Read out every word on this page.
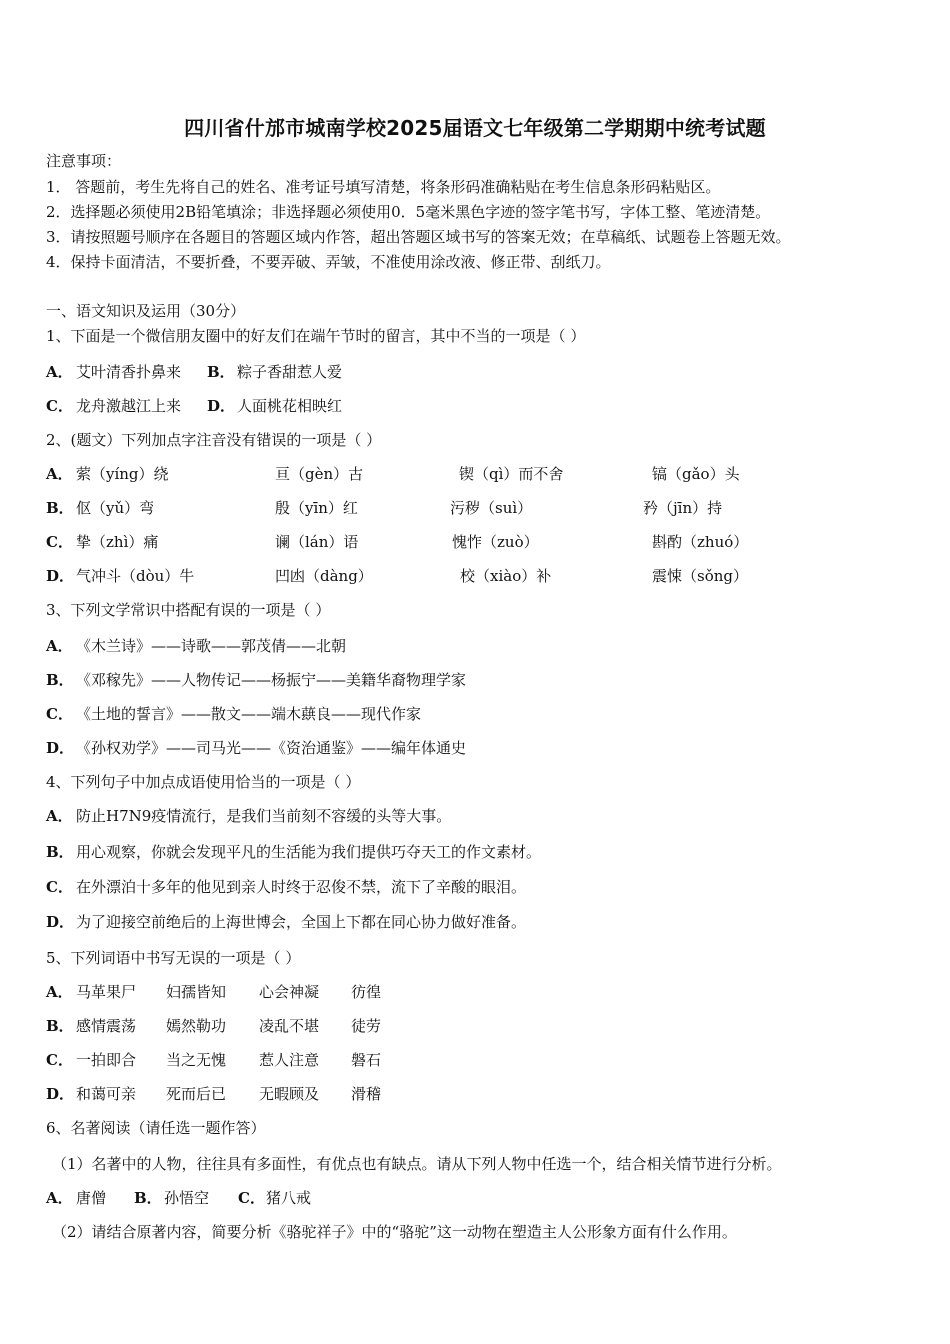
四川省什邡市城南学校2025届语文七年级第二学期期中统考试题
注意事项：
1． 答题前，考生先将自己的姓名、准考证号填写清楚，将条形码准确粘贴在考生信息条形码粘贴区。
2．选择题必须使用2B铅笔填涂；非选择题必须使用0．5毫米黑色字迹的签字笔书写，字体工整、笔迹清楚。
3．请按照题号顺序在各题目的答题区域内作答，超出答题区域书写的答案无效；在草稿纸、试题卷上答题无效。
4．保持卡面清洁，不要折叠，不要弄破、弄皱，不准使用涂改液、修正带、刮纸刀。
一、语文知识及运用（30分）
1、下面是一个微信朋友圈中的好友们在端午节时的留言，其中不当的一项是（ ）
A． 艾叶清香扑鼻来 B． 粽子香甜惹人爱
C． 龙舟激越江上来 D． 人面桃花相映红
2、(题文）下列加点字注音没有错误的一项是（ ）
A． 萦（yíng）绕	亘（gèn）古	锲（qì）而不舍	镐（gǎo）头
B． 伛（yǔ）弯	殷（yīn）红	污秽（suì）	矜（jīn）持
C． 挚（zhì）痛	谰（lán）语	愧怍（zuò）	斟酌（zhuó）
D． 气冲斗（dòu）牛	凹凼（dàng）	校（xiào）补	震悚（sǒng）
3、下列文学常识中搭配有误的一项是（ ）
A． 《木兰诗》——诗歌——郭茂倩——北朝
B． 《邓稼先》——人物传记——杨振宁——美籍华裔物理学家
C． 《土地的誓言》——散文——端木蕻良——现代作家
D． 《孙权劝学》——司马光——《资治通鉴》——编年体通史
4、下列句子中加点成语使用恰当的一项是（ ）
A． 防止H7N9疫情流行，是我们当前刻不容缓的头等大事。
B． 用心观察，你就会发现平凡的生活能为我们提供巧夺天工的作文素材。
C． 在外漂泊十多年的他见到亲人时终于忍俊不禁，流下了辛酸的眼泪。
D． 为了迎接空前绝后的上海世博会，全国上下都在同心协力做好准备。
5、下列词语中书写无误的一项是（ ）
A． 马革果尸 妇孺皆知 心会神凝 彷徨
B． 感情震荡 嫣然勒功 凌乱不堪 徒劳
C． 一拍即合 当之无愧 惹人注意 磐石
D． 和蔼可亲 死而后已 无暇顾及 滑稽
6、名著阅读（请任选一题作答）
（1）名著中的人物，往往具有多面性，有优点也有缺点。请从下列人物中任选一个，结合相关情节进行分析。
A． 唐僧 B． 孙悟空 C． 猪八戒
（2）请结合原著内容，简要分析《骆驼祥子》中的“骆驼”这一动物在塑造主人公形象方面有什么作用。
